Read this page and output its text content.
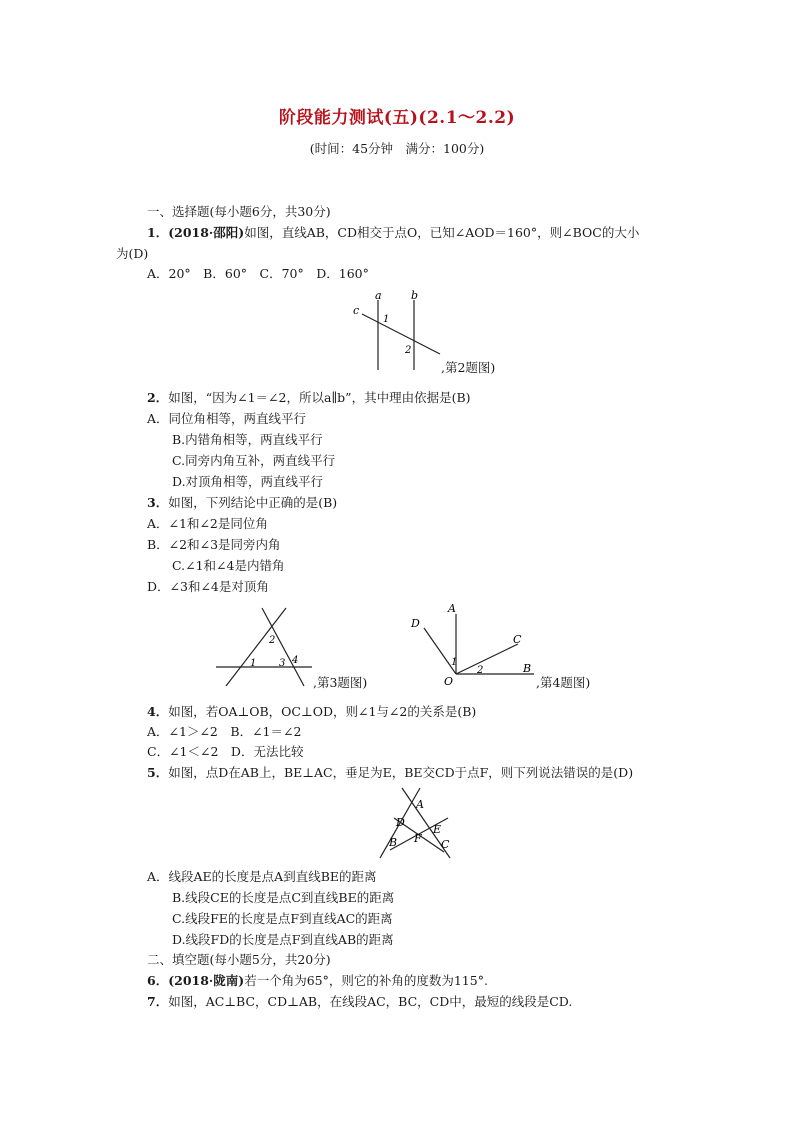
阶段能力测试(五)(2.1～2.2)
(时间：45分钟　满分：100分)
一、选择题(每小题6分，共30分)
1．(2018·邵阳)如图，直线AB，CD相交于点O，已知∠AOD＝160°，则∠BOC的大小
为(D)
A．20°　B．60°　C．70°　D．160°
a	b
c
1
2
,第2题图)
2．如图，“因为∠1＝∠2，所以a∥b”，其中理由依据是(B)
A．同位角相等，两直线平行
B.内错角相等，两直线平行
C.同旁内角互补，两直线平行
D.对顶角相等，两直线平行
3．如图，下列结论中正确的是(B)
A．∠1和∠2是同位角
B．∠2和∠3是同旁内角
C.∠1和∠4是内错角
D．∠3和∠4是对顶角
2
1 3 4
,第3题图)
A
D
C
B
O
1
2
,第4题图)
4．如图，若OA⊥OB，OC⊥OD，则∠1与∠2的关系是(B)
A．∠1＞∠2　B．∠1＝∠2
C．∠1＜∠2　D．无法比较
5．如图，点D在AB上，BE⊥AC，垂足为E，BE交CD于点F，则下列说法错误的是(D)
A
D
E
F
B	C
A．线段AE的长度是点A到直线BE的距离
B.线段CE的长度是点C到直线BE的距离
C.线段FE的长度是点F到直线AC的距离
D.线段FD的长度是点F到直线AB的距离
二、填空题(每小题5分，共20分)
6．(2018·陇南)若一个角为65°，则它的补角的度数为115°.
7．如图，AC⊥BC，CD⊥AB，在线段AC，BC，CD中，最短的线段是CD.
